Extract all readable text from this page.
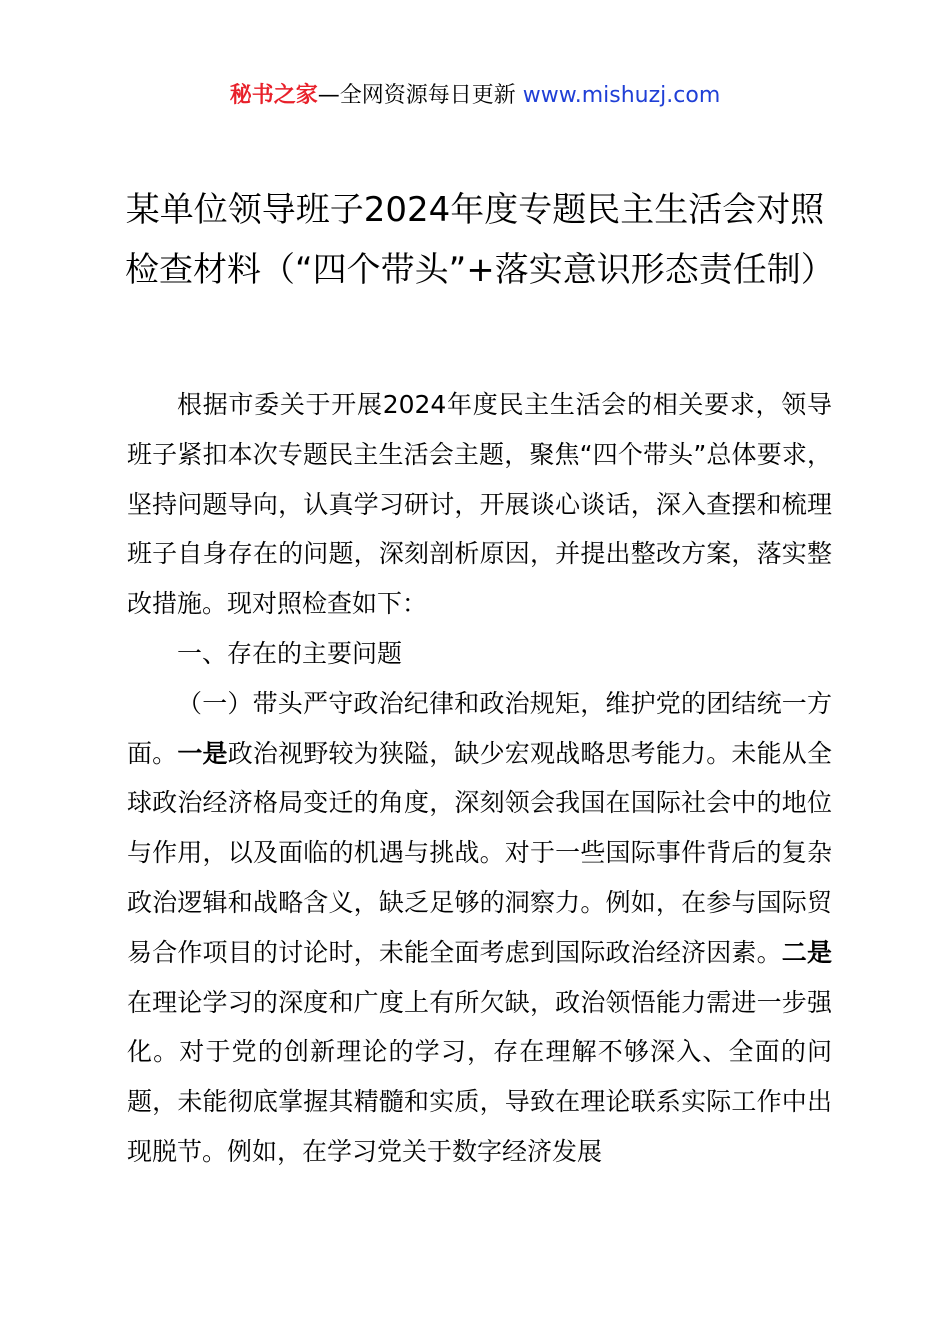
秘书之家—全网资源每日更新 www.mishuzj.com
某单位领导班子2024年度专题民主生活会对照检查材料（“四个带头”+落实意识形态责任制）

根据市委关于开展2024年度民主生活会的相关要求，领导班子紧扣本次专题民主生活会主题，聚焦“四个带头”总体要求，坚持问题导向，认真学习研讨，开展谈心谈话，深入查摆和梳理班子自身存在的问题，深刻剖析原因，并提出整改方案，落实整改措施。现对照检查如下：

一、存在的主要问题

（一）带头严守政治纪律和政治规矩，维护党的团结统一方面。一是政治视野较为狭隘，缺少宏观战略思考能力。未能从全球政治经济格局变迁的角度，深刻领会我国在国际社会中的地位与作用，以及面临的机遇与挑战。对于一些国际事件背后的复杂政治逻辑和战略含义，缺乏足够的洞察力。例如，在参与国际贸易合作项目的讨论时，未能全面考虑到国际政治经济因素。二是在理论学习的深度和广度上有所欠缺，政治领悟能力需进一步强化。对于党的创新理论的学习，存在理解不够深入、全面的问题，未能彻底掌握其精髓和实质，导致在理论联系实际工作中出现脱节。例如，在学习党关于数字经济发展
